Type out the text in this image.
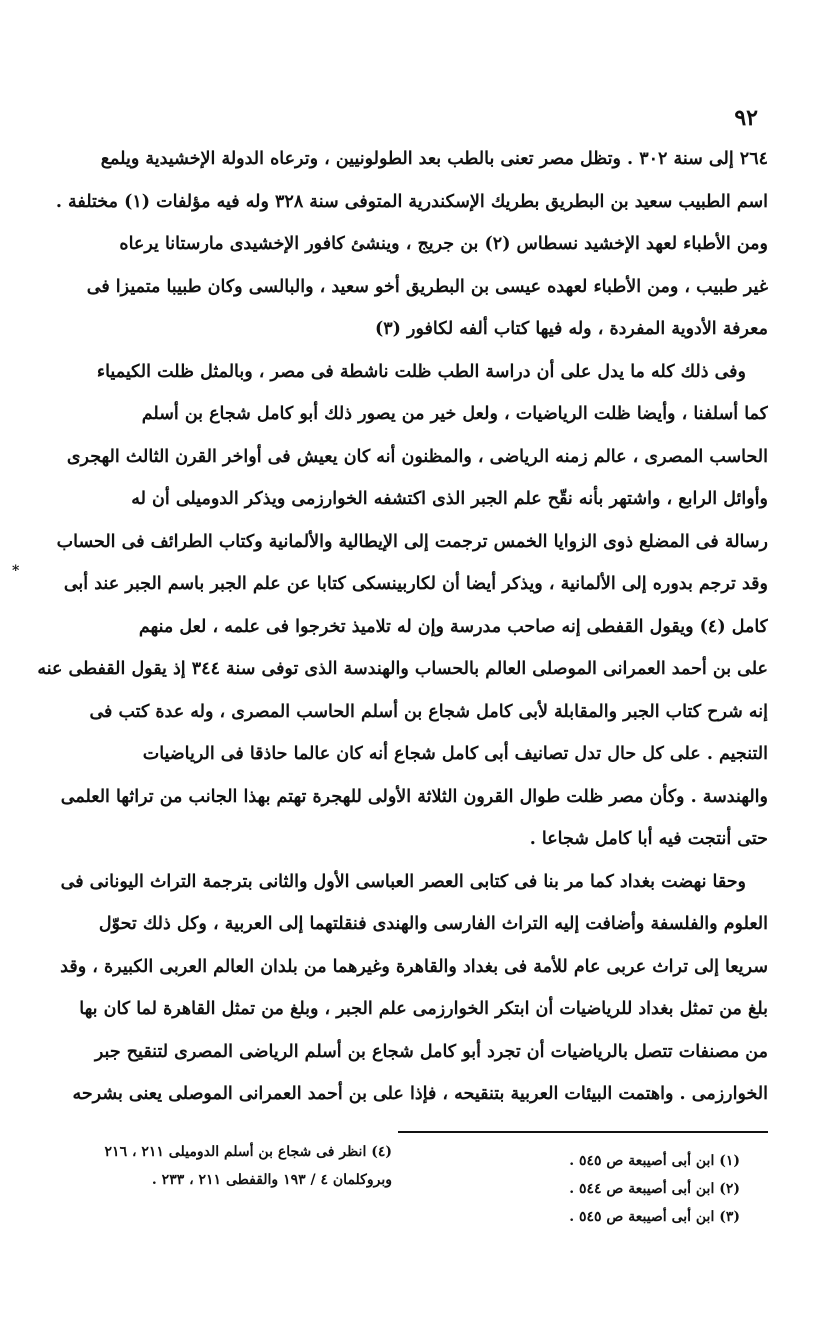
٩٢
٢٦٤ إلى سنة ٣٠٢ . وتظل مصر تعنى بالطب بعد الطولونيين ، وترعاه الدولة الإخشيدية ويلمع
اسم الطبيب سعيد بن البطريق بطريك الإسكندرية المتوفى سنة ٣٢٨ وله فيه مؤلفات (١) مختلفة .
ومن الأطباء لعهد الإخشيد نسطاس (٢) بن جريج ، وينشئ كافور الإخشيدى مارستانا يرعاه
غير طبيب ، ومن الأطباء لعهده عيسى بن البطريق أخو سعيد ، والبالسى وكان طبيبا متميزا فى
معرفة الأدوية المفردة ، وله فيها كتاب ألفه لكافور (٣)
وفى ذلك كله ما يدل على أن دراسة الطب ظلت ناشطة فى مصر ، وبالمثل ظلت الكيمياء
كما أسلفنا ، وأيضا ظلت الرياضيات ، ولعل خير من يصور ذلك أبو كامل شجاع بن أسلم
الحاسب المصرى ، عالم زمنه الرياضى ، والمظنون أنه كان يعيش فى أواخر القرن الثالث الهجرى
وأوائل الرابع ، واشتهر بأنه نقّح علم الجبر الذى اكتشفه الخوارزمى ويذكر الدوميلى أن له
رسالة فى المضلع ذوى الزوايا الخمس ترجمت إلى الإيطالية والألمانية وكتاب الطرائف فى الحساب
وقد ترجم بدوره إلى الألمانية ، ويذكر أيضا أن لكاربينسكى كتابا عن علم الجبر باسم الجبر عند أبى
كامل (٤) ويقول القفطى إنه صاحب مدرسة وإن له تلاميذ تخرجوا فى علمه ، لعل منهم
على بن أحمد العمرانى الموصلى العالم بالحساب والهندسة الذى توفى سنة ٣٤٤ إذ يقول القفطى عنه
إنه شرح كتاب الجبر والمقابلة لأبى كامل شجاع بن أسلم الحاسب المصرى ، وله عدة كتب فى
التنجيم . على كل حال تدل تصانيف أبى كامل شجاع أنه كان عالما حاذقا فى الرياضيات
والهندسة . وكأن مصر ظلت طوال القرون الثلاثة الأولى للهجرة تهتم بهذا الجانب من تراثها العلمى
حتى أنتجت فيه أبا كامل شجاعا .
وحقا نهضت بغداد كما مر بنا فى كتابى العصر العباسى الأول والثانى بترجمة التراث اليونانى فى
العلوم والفلسفة وأضافت إليه التراث الفارسى والهندى فنقلتهما إلى العربية ، وكل ذلك تحوّل
سريعا إلى تراث عربى عام للأمة فى بغداد والقاهرة وغيرهما من بلدان العالم العربى الكبيرة ، وقد
بلغ من تمثل بغداد للرياضيات أن ابتكر الخوارزمى علم الجبر ، وبلغ من تمثل القاهرة لما كان بها
من مصنفات تتصل بالرياضيات أن تجرد أبو كامل شجاع بن أسلم الرياضى المصرى لتنقيح جبر
الخوارزمى . واهتمت البيئات العربية بتنقيحه ، فإذا على بن أحمد العمرانى الموصلى يعنى بشرحه
*
(١) ابن أبى أصيبعة ص ٥٤٥ .
(٢) ابن أبى أصيبعة ص ٥٤٤ .
(٣) ابن أبى أصيبعة ص ٥٤٥ .
(٤) انظر فى شجاع بن أسلم الدوميلى ٢١١ ، ٢١٦
وبروكلمان ٤ / ١٩٣ والقفطى ٢١١ ، ٢٣٣ .
